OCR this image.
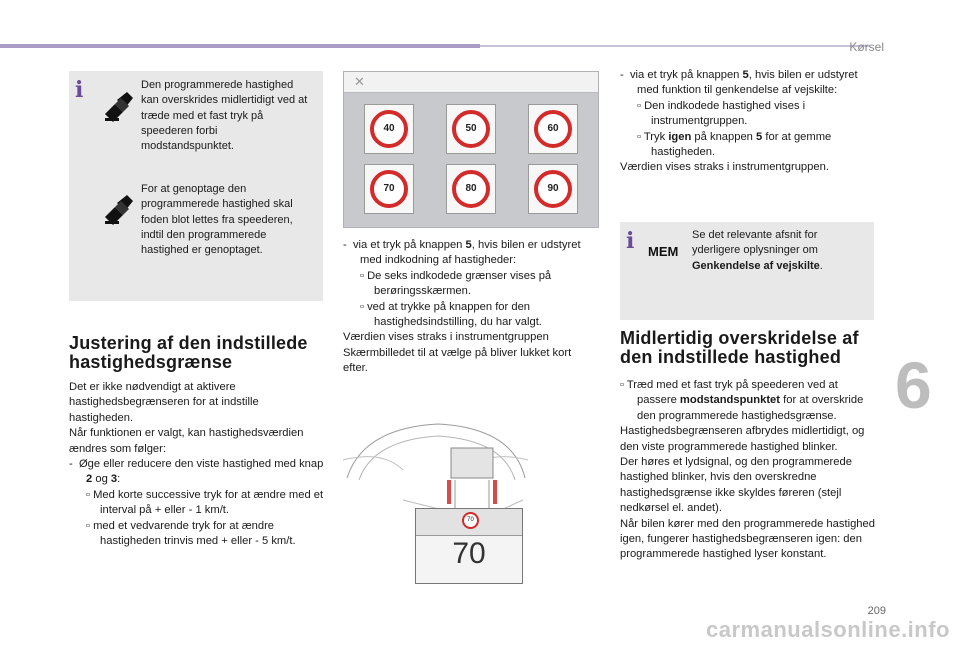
Kørsel
6
209
carmanualsonline.info
i	Den programmerede hastighed kan overskrides midlertidigt ved at træde med et fast tryk på speederen forbi modstandspunktet.
For at genoptage den programmerede hastighed skal foden blot lettes fra speederen, indtil den programmerede hastighed er genoptaget.
Justering af den indstillede
hastighedsgrænse
Det er ikke nødvendigt at aktivere hastighedsbegrænseren for at indstille hastigheden.
Når funktionen er valgt, kan hastighedsværdien ændres som følger:
-  Øge eller reducere den viste hastighed med knap 2 og 3:
▫ Med korte successive tryk for at ændre med et interval på + eller - 1 km/t.
▫ med et vedvarende tryk for at ændre hastigheden trinvis med + eller - 5 km/t.
✕
40	50	60
70	80	90
-  via et tryk på knappen 5, hvis bilen er udstyret med indkodning af hastigheder:
▫ De seks indkodede grænser vises på berøringsskærmen.
▫ ved at trykke på knappen for den hastighedsindstilling, du har valgt.
Værdien vises straks i instrumentgruppen
Skærmbilledet til at vælge på bliver lukket kort efter.
70
70
-  via et tryk på knappen 5, hvis bilen er udstyret med funktion til genkendelse af vejskilte:
▫ Den indkodede hastighed vises i instrumentgruppen.
▫ Tryk igen på knappen 5 for at gemme hastigheden.
Værdien vises straks i instrumentgruppen.
i MEM
Se det relevante afsnit for yderligere oplysninger om Genkendelse af vejskilte.
Midlertidig overskridelse af
den indstillede hastighed
▫ Træd med et fast tryk på speederen ved at passere modstandspunktet for at overskride den programmerede hastighedsgrænse.
Hastighedsbegrænseren afbrydes midlertidigt, og den viste programmerede hastighed blinker.
Der høres et lydsignal, og den programmerede hastighed blinker, hvis den overskredne hastighedsgrænse ikke skyldes føreren (stejl nedkørsel el. andet).
Når bilen kører med den programmerede hastighed igen, fungerer hastighedsbegrænseren igen: den programmerede hastighed lyser konstant.
